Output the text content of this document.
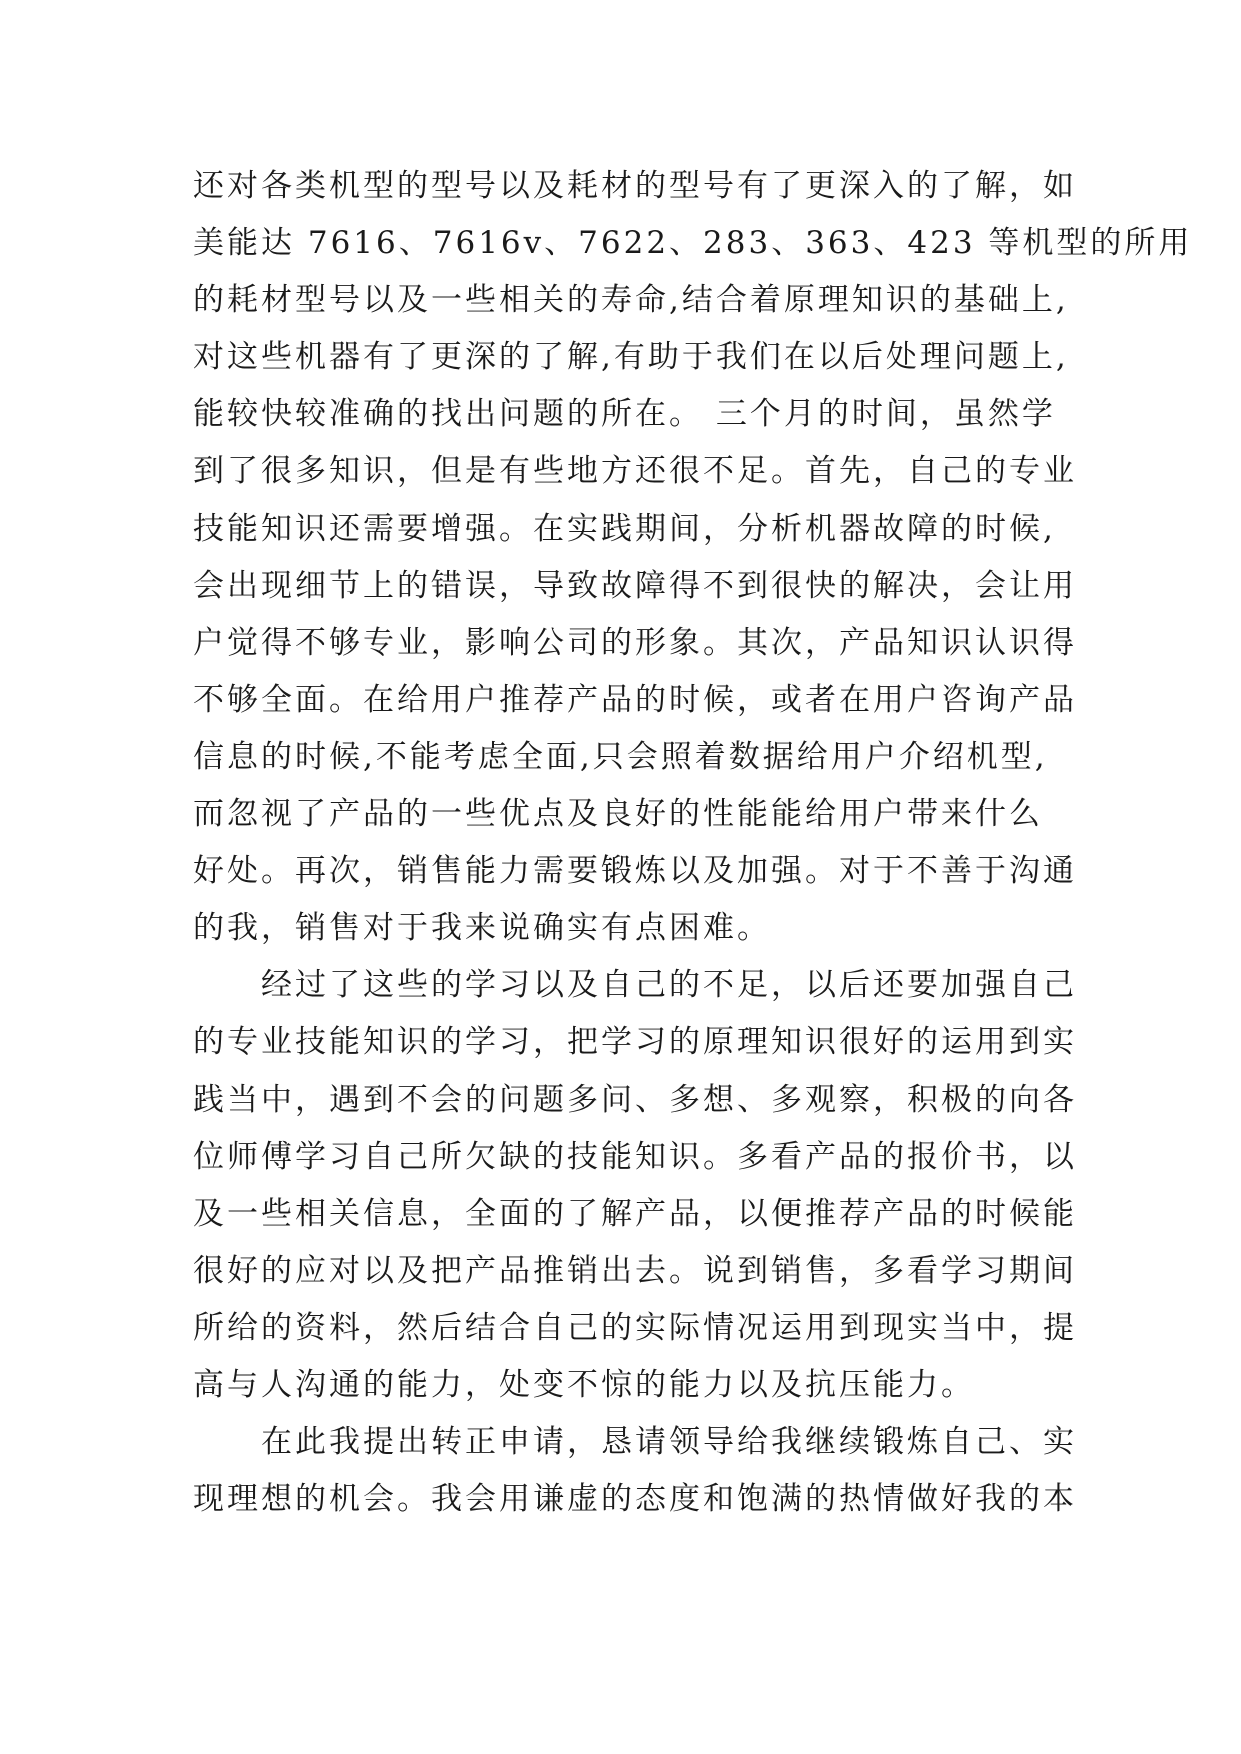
还对各类机型的型号以及耗材的型号有了更深入的了解，如
美能达 7616、7616v、7622、283、363、423 等机型的所用
的耗材型号以及一些相关的寿命,结合着原理知识的基础上,
对这些机器有了更深的了解,有助于我们在以后处理问题上,
能较快较准确的找出问题的所在。 三个月的时间，虽然学
到了很多知识，但是有些地方还很不足。首先，自己的专业
技能知识还需要增强。在实践期间，分析机器故障的时候,
会出现细节上的错误，导致故障得不到很快的解决，会让用
户觉得不够专业，影响公司的形象。其次，产品知识认识得
不够全面。在给用户推荐产品的时候，或者在用户咨询产品
信息的时候,不能考虑全面,只会照着数据给用户介绍机型,
而忽视了产品的一些优点及良好的性能能给用户带来什么
好处。再次，销售能力需要锻炼以及加强。对于不善于沟通
的我，销售对于我来说确实有点困难。
　　经过了这些的学习以及自己的不足，以后还要加强自己
的专业技能知识的学习，把学习的原理知识很好的运用到实
践当中，遇到不会的问题多问、多想、多观察，积极的向各
位师傅学习自己所欠缺的技能知识。多看产品的报价书，以
及一些相关信息，全面的了解产品，以便推荐产品的时候能
很好的应对以及把产品推销出去。说到销售，多看学习期间
所给的资料，然后结合自己的实际情况运用到现实当中，提
高与人沟通的能力，处变不惊的能力以及抗压能力。
　　在此我提出转正申请，恳请领导给我继续锻炼自己、实
现理想的机会。我会用谦虚的态度和饱满的热情做好我的本
